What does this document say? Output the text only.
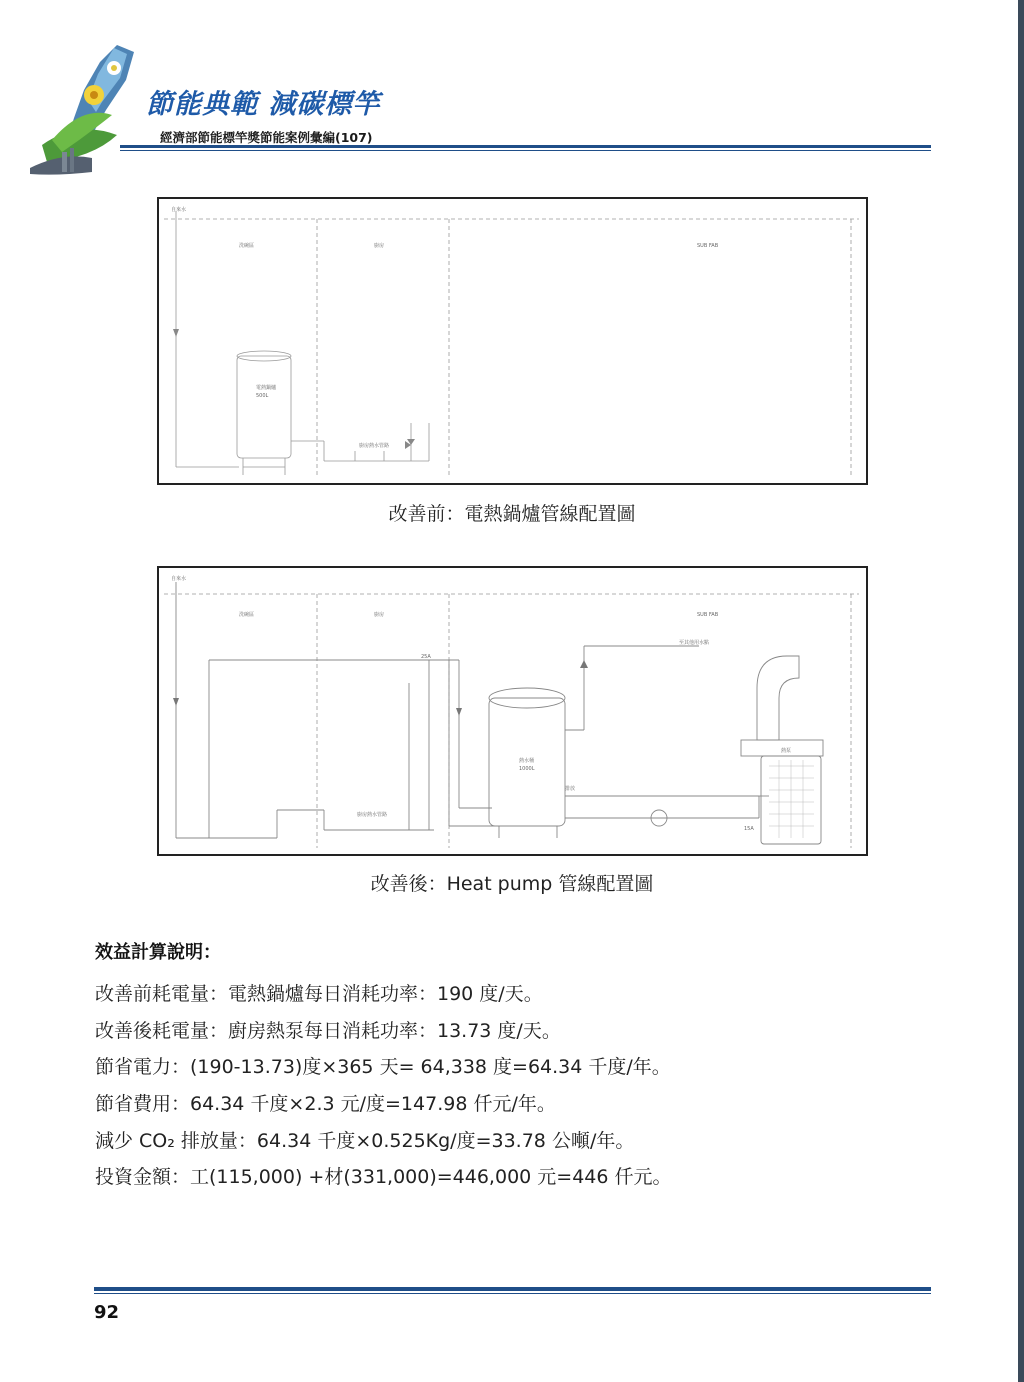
節能典範 減碳標竿
經濟部節能標竿獎節能案例彙編(107)
自來水
洗碗區	廚房	SUB FAB
電熱鍋爐
500L
廚房熱水管路
改善前：電熱鍋爐管線配置圖
自來水
洗碗區	廚房	SUB FAB
熱水桶
1000L
熱泵
25A
15A
廚房熱水管路
至其他用水點
排放
改善後：Heat pump 管線配置圖
效益計算說明：
改善前耗電量：電熱鍋爐每日消耗功率：190 度/天。
改善後耗電量：廚房熱泵每日消耗功率：13.73 度/天。
節省電力：(190-13.73)度×365 天= 64,338 度=64.34 千度/年。
節省費用：64.34 千度×2.3 元/度=147.98 仟元/年。
減少 CO₂ 排放量：64.34 千度×0.525Kg/度=33.78 公噸/年。
投資金額：工(115,000) +材(331,000)=446,000 元=446 仟元。
92
